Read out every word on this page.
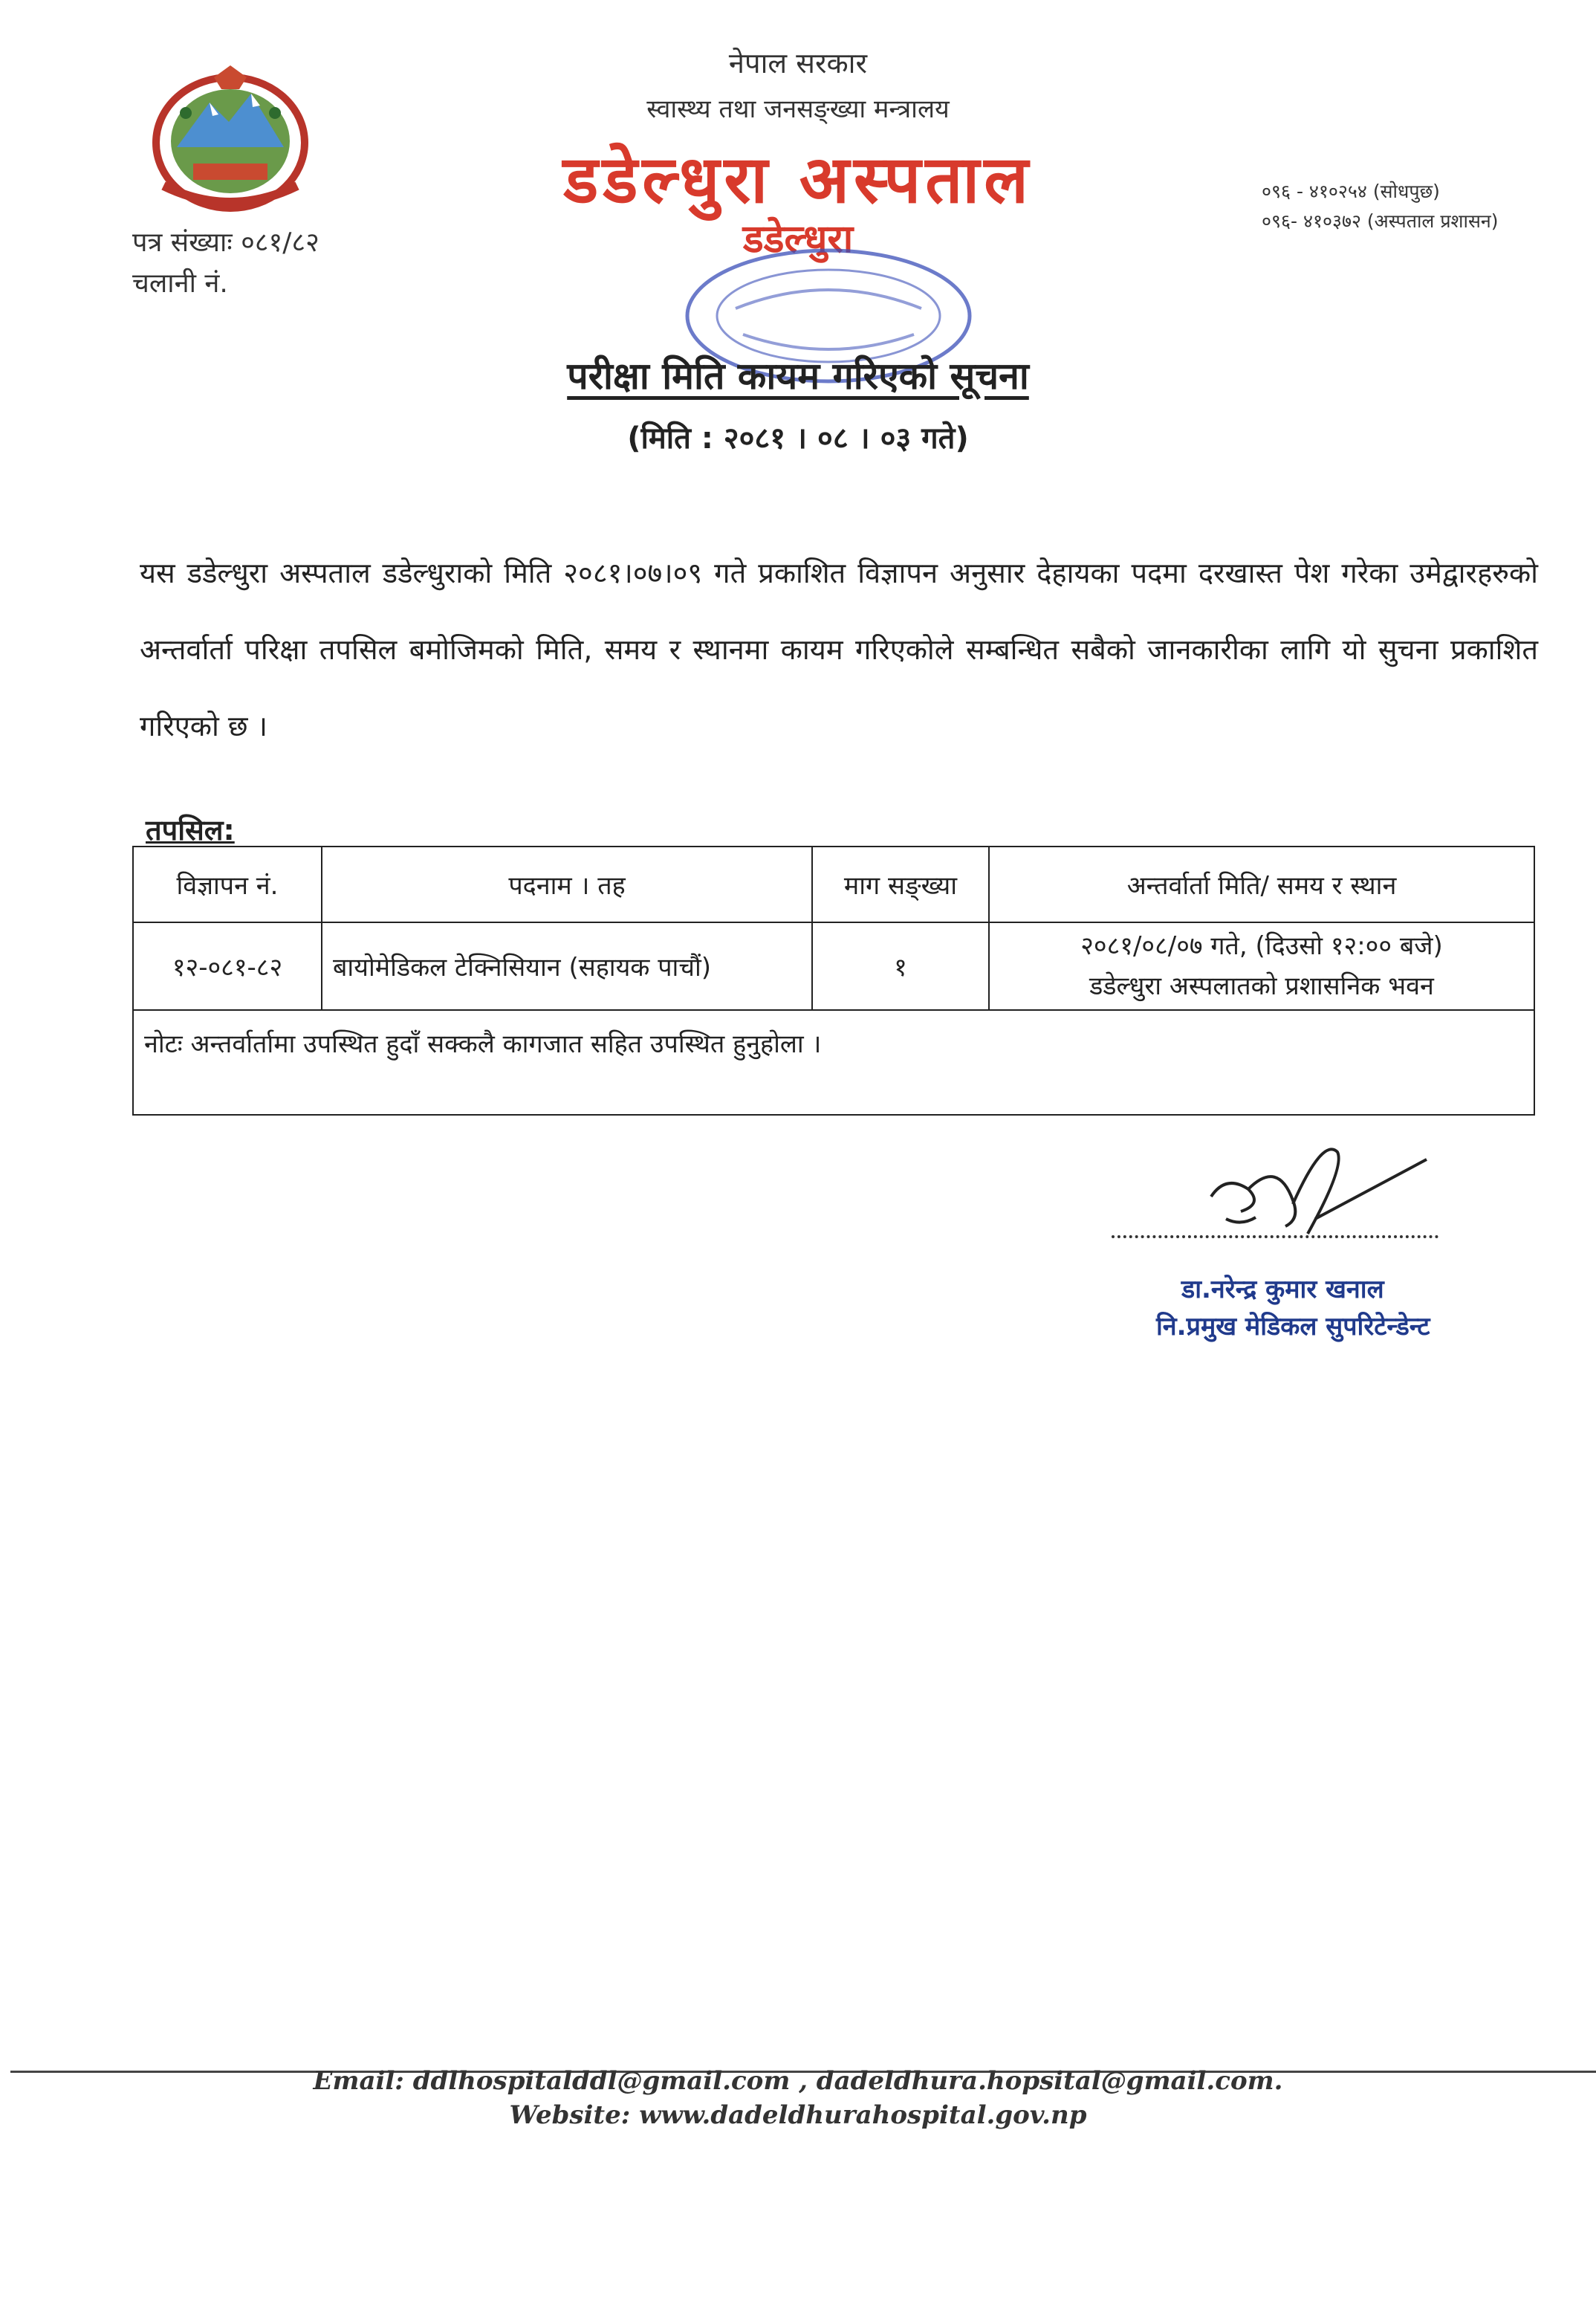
नेपाल सरकार
स्वास्थ्य तथा जनसङ्ख्या मन्त्रालय
डडेल्धुरा अस्पताल
डडेल्धुरा
०९६ - ४१०२५४ (सोधपुछ)
०९६- ४१०३७२ (अस्पताल प्रशासन)
पत्र संख्याः ०८१/८२
चलानी नं.
परीक्षा मिति कायम गरिएको सूचना
(मिति : २०८१ । ०८ । ०३ गते)
यस डडेल्धुरा अस्पताल डडेल्धुराको मिति २०८१।०७।०९ गते प्रकाशित विज्ञापन अनुसार देहायका पदमा दरखास्त पेश गरेका उमेद्वारहरुको अन्तर्वार्ता परिक्षा तपसिल बमोजिमको मिति, समय र स्थानमा कायम गरिएकोले सम्बन्धित सबैको जानकारीका लागि यो सुचना प्रकाशित गरिएको छ ।
तपसिल:
विज्ञापन नं.	पदनाम । तह	माग सङ्ख्या	अन्तर्वार्ता मिति/ समय र स्थान
१२-०८१-८२	बायोमेडिकल टेक्निसियान (सहायक पाचौं)	१	२०८१/०८/०७ गते, (दिउसो १२:०० बजे)
डडेल्धुरा अस्पलातको प्रशासनिक भवन

नोटः अन्तर्वार्तामा उपस्थित हुदाँ सक्कलै कागजात सहित उपस्थित हुनुहोला ।			
डा.नरेन्द्र कुमार खनाल
नि.प्रमुख मेडिकल सुपरिटेन्डेन्ट
Email: ddlhospitalddl@gmail.com , dadeldhura.hopsital@gmail.com.
Website: www.dadeldhurahospital.gov.np
